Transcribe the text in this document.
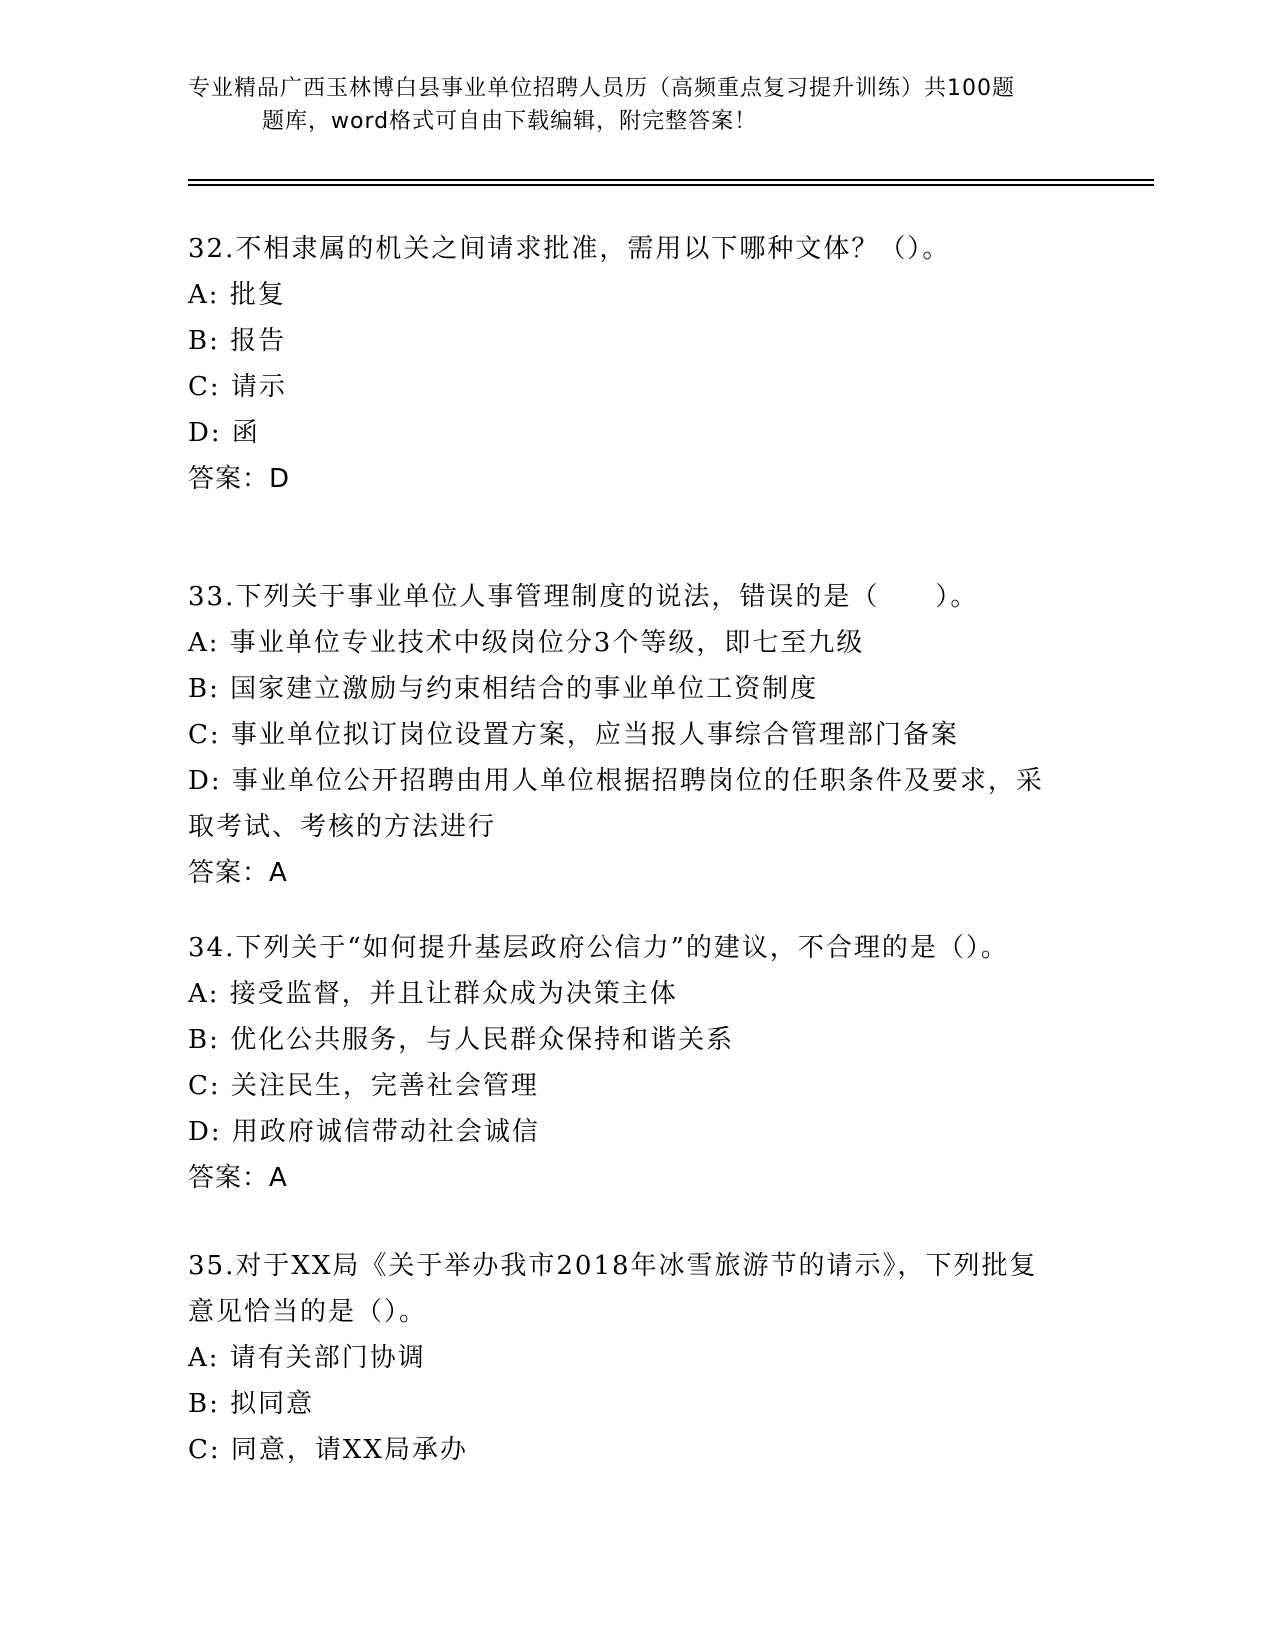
专业精品广西玉林博白县事业单位招聘人员历（高频重点复习提升训练）共100题
题库，word格式可自由下载编辑，附完整答案！
32.不相隶属的机关之间请求批准，需用以下哪种文体？（）。
A: 批复
B: 报告
C: 请示
D: 函
答案：D
33.下列关于事业单位人事管理制度的说法，错误的是（　　）。
A: 事业单位专业技术中级岗位分3个等级，即七至九级
B: 国家建立激励与约束相结合的事业单位工资制度
C: 事业单位拟订岗位设置方案，应当报人事综合管理部门备案
D: 事业单位公开招聘由用人单位根据招聘岗位的任职条件及要求，采
取考试、考核的方法进行
答案：A
34.下列关于“如何提升基层政府公信力”的建议，不合理的是（）。
A: 接受监督，并且让群众成为决策主体
B: 优化公共服务，与人民群众保持和谐关系
C: 关注民生，完善社会管理
D: 用政府诚信带动社会诚信
答案：A
35.对于XX局《关于举办我市2018年冰雪旅游节的请示》，下列批复
意见恰当的是（）。
A: 请有关部门协调
B: 拟同意
C: 同意，请XX局承办
